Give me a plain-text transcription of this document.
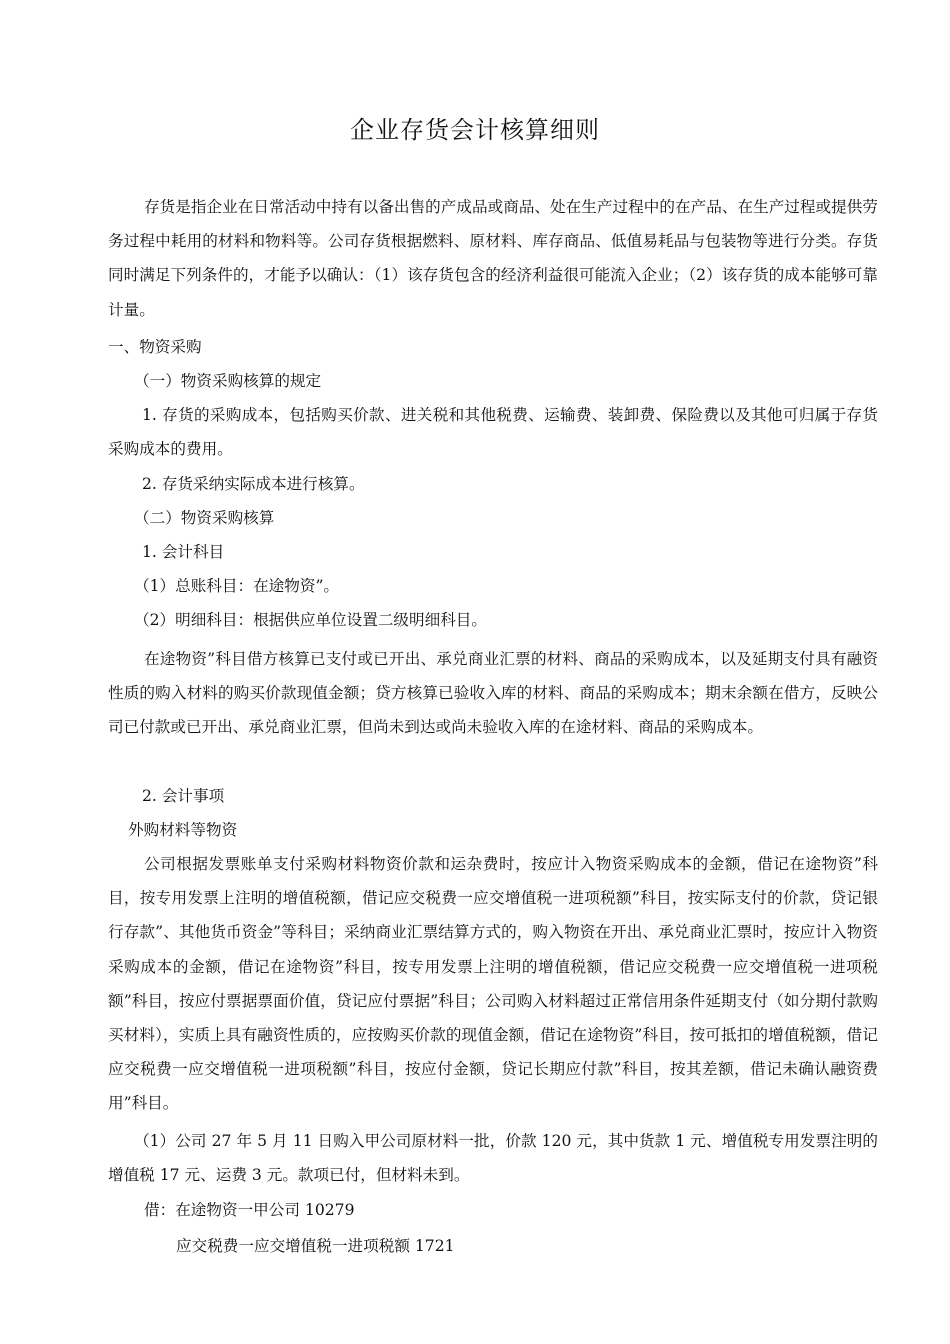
企业存货会计核算细则

存货是指企业在日常活动中持有以备出售的产成品或商品、处在生产过程中的在产品、在生产过程或提供劳务过程中耗用的材料和物料等。公司存货根据燃料、原材料、库存商品、低值易耗品与包装物等进行分类。存货同时满足下列条件的，才能予以确认：（1）该存货包含的经济利益很可能流入企业；（2）该存货的成本能够可靠计量。

一、物资采购

（一）物资采购核算的规定

1. 存货的采购成本，包括购买价款、进关税和其他税费、运输费、装卸费、保险费以及其他可归属于存货采购成本的费用。

2. 存货采纳实际成本进行核算。

（二）物资采购核算

1. 会计科目

（1）总账科目：在途物资”。

（2）明细科目：根据供应单位设置二级明细科目。

在途物资”科目借方核算已支付或已开出、承兑商业汇票的材料、商品的采购成本，以及延期支付具有融资性质的购入材料的购买价款现值金额；贷方核算已验收入库的材料、商品的采购成本；期末余额在借方，反映公司已付款或已开出、承兑商业汇票，但尚未到达或尚未验收入库的在途材料、商品的采购成本。

2. 会计事项

外购材料等物资

公司根据发票账单支付采购材料物资价款和运杂费时，按应计入物资采购成本的金额，借记在途物资”科目，按专用发票上注明的增值税额，借记应交税费一应交增值税一进项税额”科目，按实际支付的价款，贷记银行存款”、其他货币资金”等科目；采纳商业汇票结算方式的，购入物资在开出、承兑商业汇票时，按应计入物资采购成本的金额，借记在途物资”科目，按专用发票上注明的增值税额，借记应交税费一应交增值税一进项税额”科目，按应付票据票面价值，贷记应付票据”科目；公司购入材料超过正常信用条件延期支付（如分期付款购买材料），实质上具有融资性质的，应按购买价款的现值金额，借记在途物资”科目，按可抵扣的增值税额，借记应交税费一应交增值税一进项税额”科目，按应付金额，贷记长期应付款”科目，按其差额，借记未确认融资费用”科目。

（1）公司 27 年 5 月 11 日购入甲公司原材料一批，价款 120 元，其中货款 1 元、增值税专用发票注明的增值税 17 元、运费 3 元。款项已付，但材料未到。

借：在途物资一甲公司 10279

应交税费一应交增值税一进项税额 1721
